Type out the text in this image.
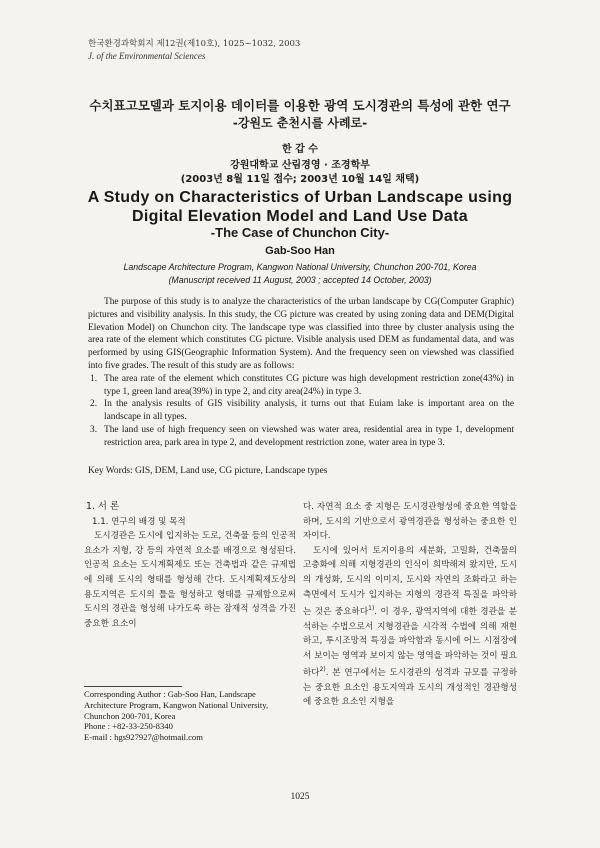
한국환경과학회지 제12권(제10호), 1025~1032, 2003
J. of the Environmental Sciences
수치표고모델과 토지이용 데이터를 이용한 광역 도시경관의 특성에 관한 연구
-강원도 춘천시를 사례로-
한 갑 수
강원대학교 산림경영 · 조경학부
(2003년 8월 11일 접수; 2003년 10월 14일 채택)
A Study on Characteristics of Urban Landscape using
Digital Elevation Model and Land Use Data
-The Case of Chunchon City-
Gab-Soo Han
Landscape Architecture Program, Kangwon National University, Chunchon 200-701, Korea
(Manuscript received 11 August, 2003 ; accepted 14 October, 2003)

The purpose of this study is to analyze the characteristics of the urban landscape by CG(Computer Graphic) pictures and visibility analysis. In this study, the CG picture was created by using zoning data and DEM(Digital Elevation Model) on Chunchon city. The landscape type was classified into three by cluster analysis using the area rate of the element which constitutes CG picture. Visible analysis used DEM as fundamental data, and was performed by using GIS(Geographic Information System). And the frequency seen on viewshed was classified into five grades. The result of this study are as follows:

1. The area rate of the element which constitutes CG picture was high development restriction zone(43%) in type 1, green land area(39%) in type 2, and city area(24%) in type 3.
2. In the analysis results of GIS visibility analysis, it turns out that Euiam lake is important area on the landscape in all types.
3. The land use of high frequency seen on viewshed was water area, residential area in type 1, development restriction area, park area in type 2, and development restriction zone, water area in type 3.
Key Words: GIS, DEM, Land use, CG picture, Landscape types
1. 서 론
1.1. 연구의 배경 및 목적

도시경관은 도시에 입지하는 도로, 건축물 등의 인공적 요소가 지형, 강 등의 자연적 요소를 배경으로 형성된다. 인공적 요소는 도시계획제도 또는 건축법과 같은 규제법에 의해 도시의 형태를 형성해 간다. 도시계획제도상의 용도지역은 도시의 틀을 형성하고 형태를 규제함으로써 도시의 경관을 형성해 나가도록 하는 잠재적 성격을 가진 중요한 요소이

다. 자연적 요소 중 지형은 도시경관형성에 중요한 역할을 하며, 도시의 기반으로서 광역경관을 형성하는 중요한 인자이다.

도시에 있어서 토지이용의 세분화, 고밀화, 건축물의 고층화에 의해 지형경관의 인식이 희박해져 왔지만, 도시의 개성화, 도시의 이미지, 도시와 자연의 조화라고 하는 측면에서 도시가 입지하는 지형의 경관적 특질을 파악하는 것은 중요하다$^{1)}$. 이 경우, 광역지역에 대한 경관을 분석하는 수법으로서 지형경관을 시각적 수법에 의해 재현하고, 투시조망적 특징을 파악함과 동시에 어느 시점장에서 보이는 영역과 보이지 않는 영역을 파악하는 것이 필요하다$^{2)}$. 본 연구에서는 도시경관의 성격과 규모를 규정하는 중요한 요소인 용도지역과 도시의 개성적인 경관형성에 중요한 요소인 지형을

Corresponding Author : Gab-Soo Han, Landscape Architecture Program, Kangwon National University, Chunchon 200-701, Korea
Phone : +82-33-250-8340
E-mail : hgs927927@hotmail.com
1025
